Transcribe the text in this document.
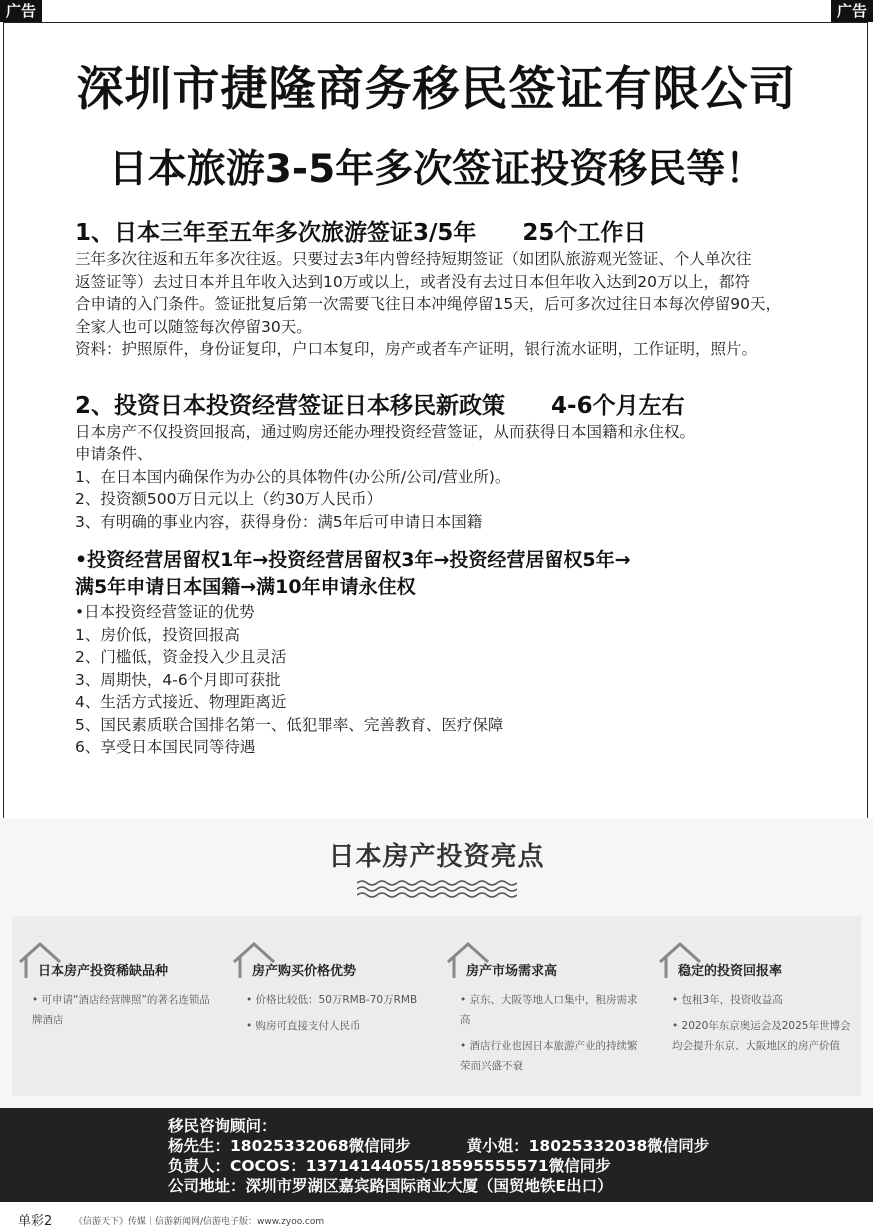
广告	广告
深圳市捷隆商务移民签证有限公司
日本旅游3-5年多次签证投资移民等！
1、日本三年至五年多次旅游签证3/5年 25个工作日

三年多次往返和五年多次往返。只要过去3年内曾经持短期签证（如团队旅游观光签证、个人单次往

返签证等）去过日本并且年收入达到10万或以上，或者没有去过日本但年收入达到20万以上，都符

合申请的入门条件。签证批复后第一次需要飞往日本冲绳停留15天，后可多次过往日本每次停留90天，

全家人也可以随签每次停留30天。

资料：护照原件，身份证复印，户口本复印，房产或者车产证明，银行流水证明，工作证明，照片。

2、投资日本投资经营签证日本移民新政策 4-6个月左右

日本房产不仅投资回报高，通过购房还能办理投资经营签证，从而获得日本国籍和永住权。

申请条件、

1、在日本国内确保作为办公的具体物件(办公所/公司/营业所)。

2、投资额500万日元以上（约30万人民币）

3、有明确的事业内容，获得身份：满5年后可申请日本国籍

•投资经营居留权1年→投资经营居留权3年→投资经营居留权5年→
满5年申请日本国籍→满10年申请永住权

•日本投资经营签证的优势

1、房价低，投资回报高

2、门槛低，资金投入少且灵活

3、周期快，4-6个月即可获批

4、生活方式接近、物理距离近

5、国民素质联合国排名第一、低犯罪率、完善教育、医疗保障

6、享受日本国民同等待遇

日本房产投资亮点
日本房产投资稀缺品种

• 可申请“酒店经营牌照”的著名连锁品牌酒店

房产购买价格优势

• 价格比较低：50万RMB-70万RMB

• 购房可直接支付人民币

房产市场需求高

• 京东、大阪等地人口集中，租房需求高

• 酒店行业也因日本旅游产业的持续繁荣而兴盛不衰

稳定的投资回报率

• 包租3年，投资收益高

• 2020年东京奥运会及2025年世博会均会提升东京、大阪地区的房产价值

移民咨询顾问：
杨先生：18025332068微信同步	黄小姐：18025332038微信同步
负责人：COCOS：13714144055/18595555571微信同步
公司地址：深圳市罗湖区嘉宾路国际商业大厦（国贸地铁E出口）
单彩2 《信游天下》传媒｜信游新闻网/信游电子版：www.zyoo.com
